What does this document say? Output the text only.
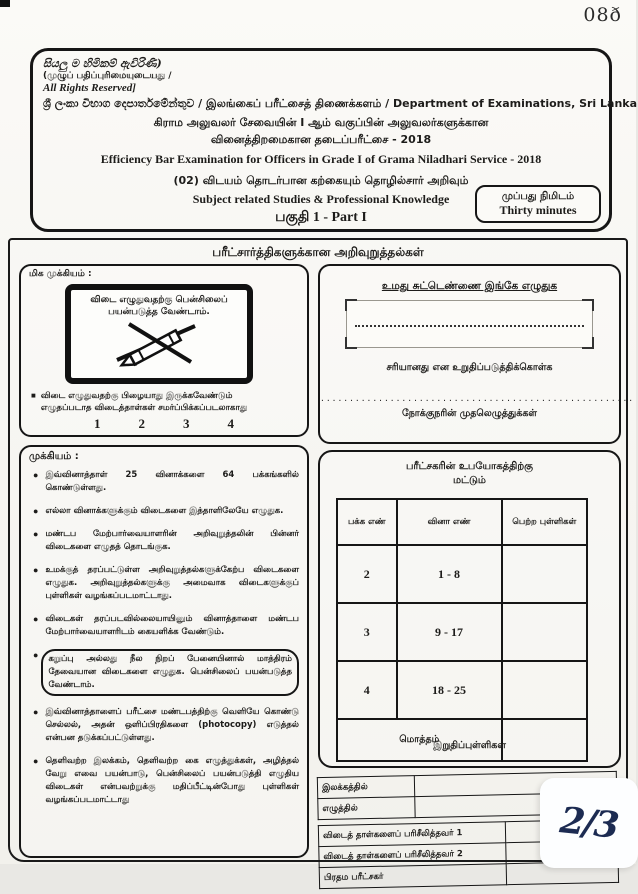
08ð
සියලු ම හිමිකම් ඇවිරිණි)
(முழுப் பதிப்புரிமையுடையது /
All Rights Reserved]
ශ්‍රී ලංකා විභාග දෙපාර්තමේන්තුව / இலங்கைப் பரீட்சைத் திணைக்களம் / Department of Examinations, Sri Lanka
கிராம அலுவலர் சேவையின் I ஆம் வகுப்பின் அலுவலர்களுக்கான
வினைத்திறமைகான தடைப்பரீட்சை - 2018
Efficiency Bar Examination for Officers in Grade I of Grama Niladhari Service - 2018
(02) விடயம் தொடர்பான கற்கையும் தொழில்சார் அறிவும்
Subject related Studies & Professional Knowledge
பகுதி 1 - Part I
முப்பது நிமிடம்
Thirty minutes
பரீட்சார்த்திகளுக்கான அறிவுறுத்தல்கள்
மிக முக்கியம் :
விடை எழுதுவதற்கு பென்சிலைப்
பயன்படுத்த வேண்டாம்.
■ விடை எழுதுவதற்கு பிழையாது இருக்கவேண்டும்
எழுதப்படாத விடைத்தாள்கள் சமர்ப்பிக்கப்படலாகாது
1	2	3	4
முக்கியம் :
● இவ்வினாத்தாள் 25 வினாக்களை 64 பக்கங்களில் கொண்டுள்ளது.
● எல்லா வினாக்களுக்கும் விடைகளை இத்தாளிலேயே எழுதுக.
● மண்டப மேற்பார்வையாளரின் அறிவுறுத்தலின் பின்னர் விடைகளை எழுதத் தொடங்குக.
● உமக்குத் தரப்பட்டுள்ள அறிவுறுத்தல்களுக்கேற்ப விடைகளை எழுதுக. அறிவுறுத்தல்களுக்கு அமைவாக விடைகளுக்குப் புள்ளிகள் வழங்கப்படமாட்டாது.
● விடைகள் தரப்படவில்லையாயினும் வினாத்தாளை மண்டப மேற்பார்வையாளரிடம் கையளிக்க வேண்டும்.
●	கறுப்பு அல்லது நீல நிறப் பேனையினால் மாத்திரம் தேவையான விடைகளை எழுதுக. பென்சிலைப் பயன்படுத்த வேண்டாம்.
● இவ்வினாத்தாளைப் பரீட்சை மண்டபத்திற்கு வெளியே கொண்டு செல்லல், அதன் ஒளிப்பிரதிகளை (photocopy) எடுத்தல் என்பன தடுக்கப்பட்டுள்ளது.
● தெளிவற்ற இலக்கம், தெளிவற்ற கை எழுத்துக்கள், அழித்தல் வேறு எவை பயன்பாடு, பென்சிலைப் பயன்படுத்தி எழுதிய விடைகள் என்பவற்றுக்கு மதிப்பீட்டின்போது புள்ளிகள் வழங்கப்படமாட்டாது
உமது சுட்டெண்ணை இங்கே எழுதுக
சரியானது என உறுதிப்படுத்திக்கொள்க
......................................................
நோக்குநரின் முதலெழுத்துக்கள்
பரீட்சகரின் உபயோகத்திற்கு
மட்டும்
பக்க எண்	வினா எண்	பெற்ற புள்ளிகள்
2	1 - 8	
3	9 - 17	
4	18 - 25	
மொத்தம்		
இறுதிப்புள்ளிகள்
இலக்கத்தில்	
எழுத்தில்	
விடைத் தாள்களைப் பரிசீலித்தவர் 1	
விடைத் தாள்களைப் பரிசீலித்தவர் 2	
பிரதம பரீட்சகர்	
2/3
